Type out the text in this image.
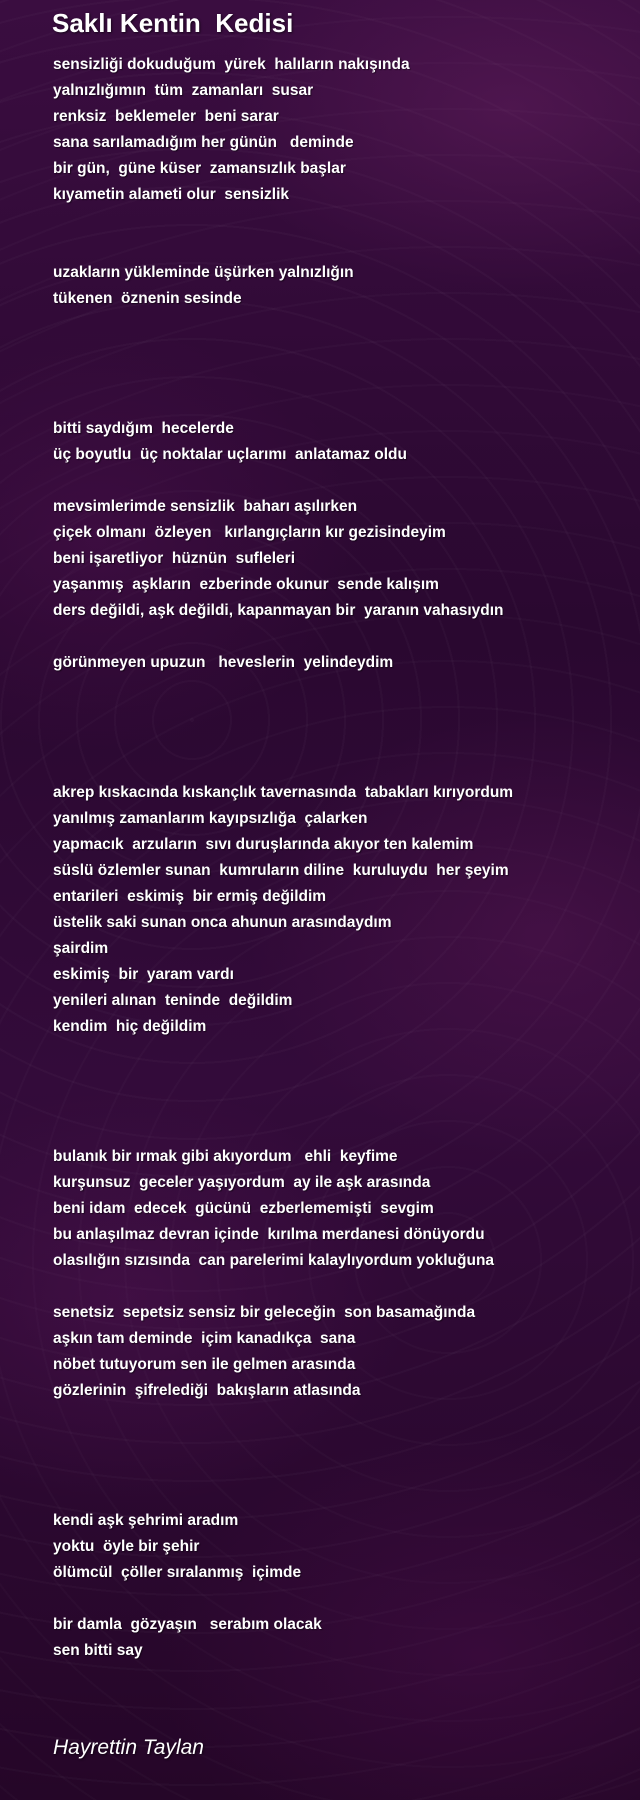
Saklı Kentin  Kedisi
sensizliği dokuduğum  yürek  halıların nakışında
yalnızlığımın  tüm  zamanları  susar
renksiz  beklemeler  beni sarar
sana sarılamadığım her günün   deminde
bir gün,  güne küser  zamansızlık başlar
kıyametin alameti olur  sensizlik
uzakların yükleminde üşürken yalnızlığın
tükenen  öznenin sesinde
bitti saydığım  hecelerde
üç boyutlu  üç noktalar uçlarımı  anlatamaz oldu
mevsimlerimde sensizlik  baharı aşılırken
çiçek olmanı  özleyen   kırlangıçların kır gezisindeyim
beni işaretliyor  hüznün  sufleleri
yaşanmış  aşkların  ezberinde okunur  sende kalışım
ders değildi, aşk değildi, kapanmayan bir  yaranın vahasıydın
görünmeyen upuzun   heveslerin  yelindeydim
akrep kıskacında kıskançlık tavernasında  tabakları kırıyordum
yanılmış zamanlarım kayıpsızlığa  çalarken
yapmacık  arzuların  sıvı duruşlarında akıyor ten kalemim
süslü özlemler sunan  kumruların diline  kuruluydu  her şeyim
entarileri  eskimiş  bir ermiş değildim
üstelik saki sunan onca ahunun arasındaydım
şairdim
eskimiş  bir  yaram vardı
yenileri alınan  teninde  değildim
kendim  hiç değildim
bulanık bir ırmak gibi akıyordum   ehli  keyfime
kurşunsuz  geceler yaşıyordum  ay ile aşk arasında
beni idam  edecek  gücünü  ezberlememişti  sevgim
bu anlaşılmaz devran içinde  kırılma merdanesi dönüyordu
olasılığın sızısında  can parelerimi kalaylıyordum yokluğuna
senetsiz  sepetsiz sensiz bir geleceğin  son basamağında
aşkın tam deminde  içim kanadıkça  sana
nöbet tutuyorum sen ile gelmen arasında
gözlerinin  şifrelediği  bakışların atlasında
kendi aşk şehrimi aradım
yoktu  öyle bir şehir
ölümcül  çöller sıralanmış  içimde
bir damla  gözyaşın   serabım olacak
sen bitti say

Hayrettin Taylan
